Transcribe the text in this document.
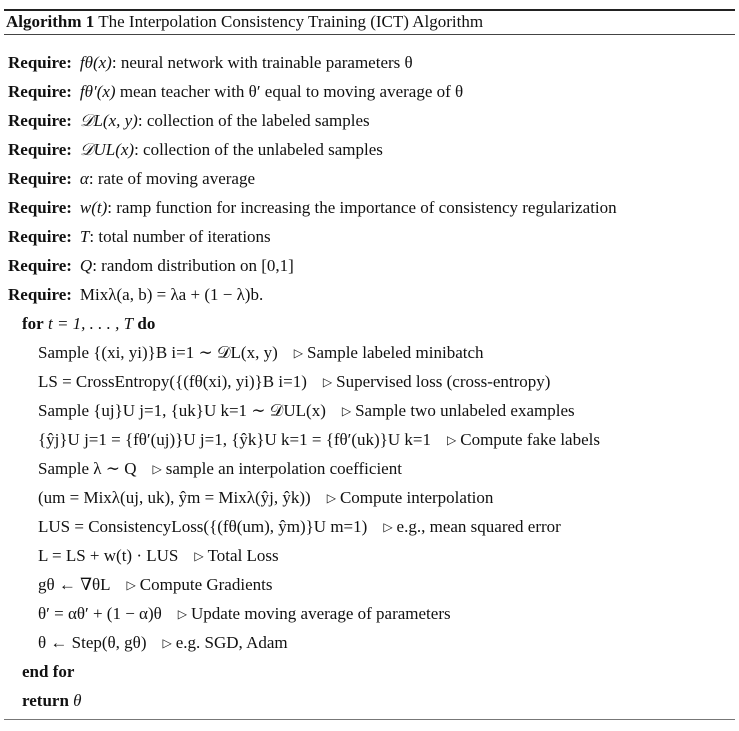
Algorithm 1 The Interpolation Consistency Training (ICT) Algorithm
Require: fθ(x): neural network with trainable parameters θ
Require: fθ′(x) mean teacher with θ′ equal to moving average of θ
Require: 𝒟L(x, y): collection of the labeled samples
Require: 𝒟UL(x): collection of the unlabeled samples
Require: α: rate of moving average
Require: w(t): ramp function for increasing the importance of consistency regularization
Require: T: total number of iterations
Require: Q: random distribution on [0,1]
Require: Mixλ(a, b) = λa + (1 − λ)b.
for t = 1, . . . , T do
Sample {(xi, yi)}B i=1 ∼ 𝒟L(x, y) ▷ Sample labeled minibatch
LS = CrossEntropy({(fθ(xi), yi)}B i=1) ▷ Supervised loss (cross-entropy)
Sample {uj}U j=1, {uk}U k=1 ∼ 𝒟UL(x) ▷ Sample two unlabeled examples
{ŷj}U j=1 = {fθ′(uj)}U j=1, {ŷk}U k=1 = {fθ′(uk)}U k=1 ▷ Compute fake labels
Sample λ ∼ Q ▷ sample an interpolation coefficient
(um = Mixλ(uj, uk), ŷm = Mixλ(ŷj, ŷk)) ▷ Compute interpolation
LUS = ConsistencyLoss({(fθ(um), ŷm)}U m=1) ▷ e.g., mean squared error
L = LS + w(t) · LUS ▷ Total Loss
gθ ← ∇θL ▷ Compute Gradients
θ′ = αθ′ + (1 − α)θ ▷ Update moving average of parameters
θ ← Step(θ, gθ) ▷ e.g. SGD, Adam
end for
return θ
